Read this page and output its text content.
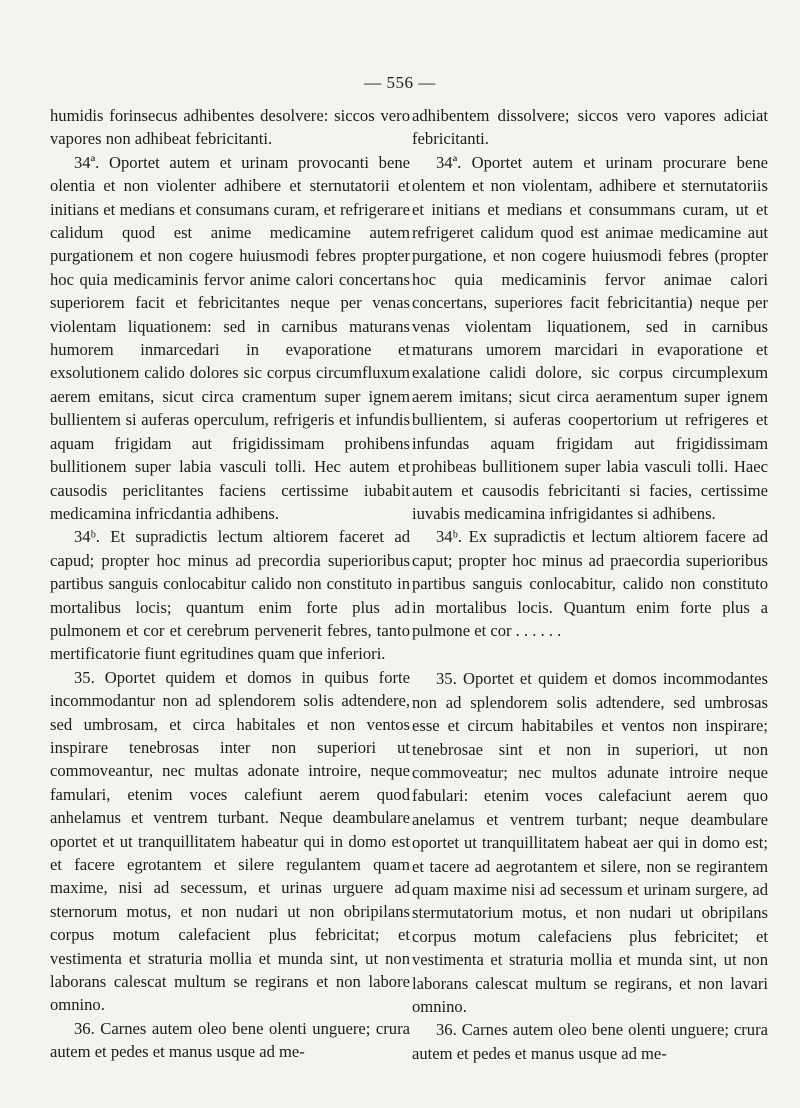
— 556 —

humidis forinsecus adhibentes desolvere: siccos vero vapores non adhibeat febricitanti.

34ª. Oportet autem et urinam provocanti bene olentia et non violenter adhibere et sternutatorii et initians et medians et consumans curam, et refrigerare calidum quod est anime medicamine autem purgationem et non cogere huiusmodi febres propter hoc quia medicaminis fervor anime calori concertans superiorem facit et febricitantes neque per venas violentam liquationem: sed in carnibus maturans humorem inmarcedari in evaporatione et exsolutionem calido dolores sic corpus circumfluxum aerem emitans, sicut circa cramentum super ignem bullientem si auferas operculum, refrigeris et infundis aquam frigidam aut frigidissimam prohibens bullitionem super labia vasculi tolli. Hec autem et causodis periclitantes faciens certissime iubabit medicamina infricdantia adhibens.

34ᵇ. Et supradictis lectum altiorem faceret ad capud; propter hoc minus ad precordia superioribus partibus sanguis conlocabitur calido non constituto in mortalibus locis; quantum enim forte plus ad pulmonem et cor et cerebrum pervenerit febres, tanto mertificatorie fiunt egritudines quam que inferiori.

35. Oportet quidem et domos in quibus forte incommodantur non ad splendorem solis adtendere, sed umbrosam, et circa habitales et non ventos inspirare tenebrosas inter non superiori ut commoveantur, nec multas adonate introire, neque famulari, etenim voces calefiunt aerem quod anhelamus et ventrem turbant. Neque deambulare oportet et ut tranquillitatem habeatur qui in domo est et facere egrotantem et silere regulantem quam maxime, nisi ad secessum, et urinas urguere ad sternorum motus, et non nudari ut non obripilans corpus motum calefacient plus febricitat; et vestimenta et straturia mollia et munda sint, ut non laborans calescat multum se regirans et non labore omnino.

36. Carnes autem oleo bene olenti unguere; crura autem et pedes et manus usque ad me-

adhibentem dissolvere; siccos vero vapores adiciat febricitanti.

34ª. Oportet autem et urinam procurare bene olentem et non violentam, adhibere et sternutatoriis et initians et medians et consummans curam, ut et refrigeret calidum quod est animae medicamine aut purgatione, et non cogere huiusmodi febres (propter hoc quia medicaminis fervor animae calori concertans, superiores facit febricitantia) neque per venas violentam liquationem, sed in carnibus maturans umorem marcidari in evaporatione et exalatione calidi dolore, sic corpus circumplexum aerem imitans; sicut circa aeramentum super ignem bullientem, si auferas coopertorium ut refrigeres et infundas aquam frigidam aut frigidissimam prohibeas bullitionem super labia vasculi tolli. Haec autem et causodis febricitanti si facies, certissime iuvabis medicamina infrigidantes si adhibens.

34ᵇ. Ex supradictis et lectum altiorem facere ad caput; propter hoc minus ad praecordia superioribus partibus sanguis conlocabitur, calido non constituto in mortalibus locis. Quantum enim forte plus a pulmone et cor . . . . . .

35. Oportet et quidem et domos incommodantes non ad splendorem solis adtendere, sed umbrosas esse et circum habitabiles et ventos non inspirare; tenebrosae sint et non in superiori, ut non commoveatur; nec multos adunate introire neque fabulari: etenim voces calefaciunt aerem quo anelamus et ventrem turbant; neque deambulare oportet ut tranquillitatem habeat aer qui in domo est; et tacere ad aegrotantem et silere, non se regirantem quam maxime nisi ad secessum et urinam surgere, ad stermutatorium motus, et non nudari ut obripilans corpus motum calefaciens plus febricitet; et vestimenta et straturia mollia et munda sint, ut non laborans calescat multum se regirans, et non lavari omnino.

36. Carnes autem oleo bene olenti unguere; crura autem et pedes et manus usque ad me-
